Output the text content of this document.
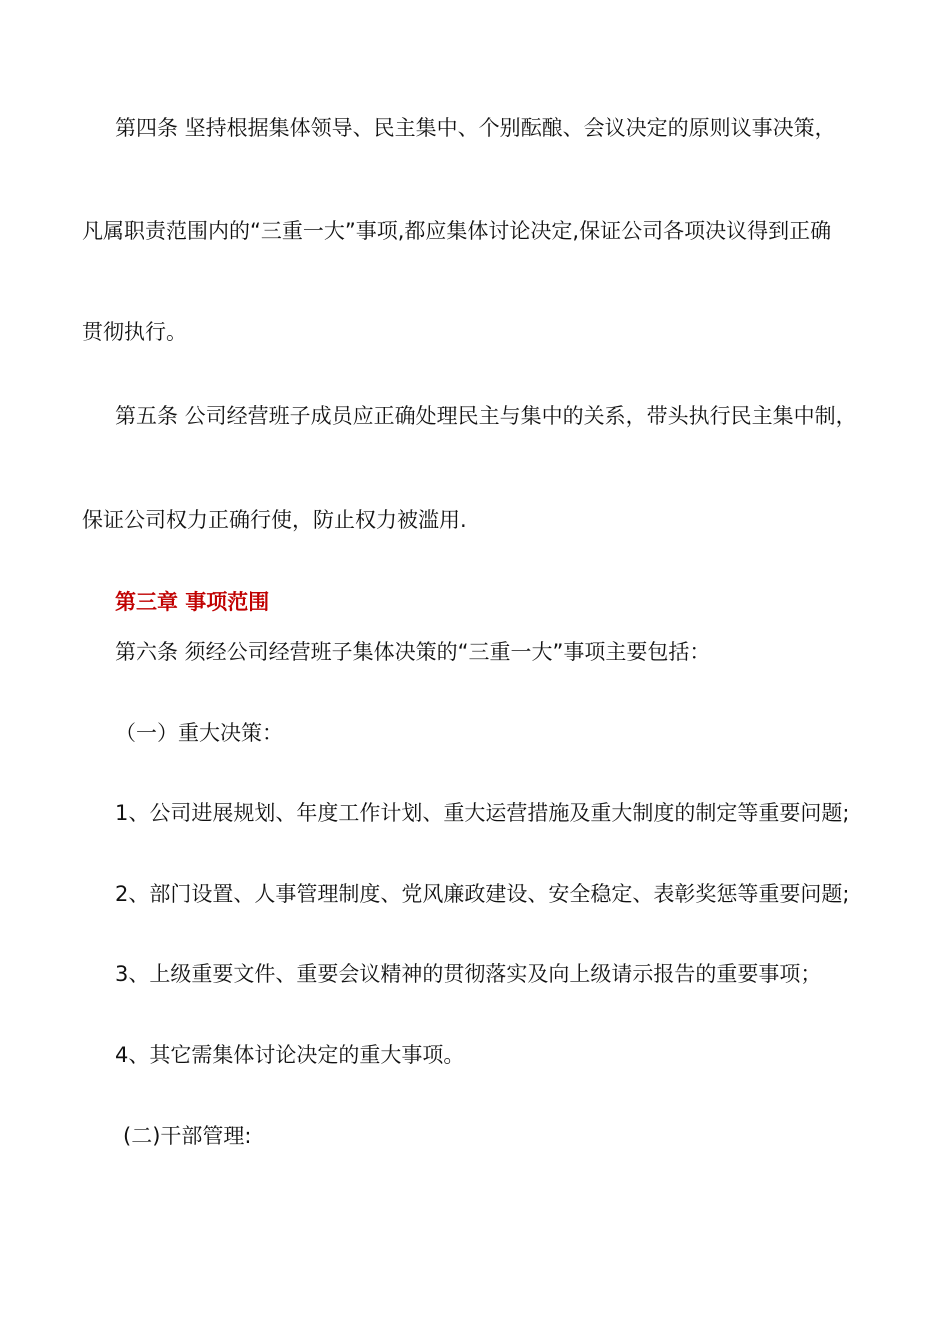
第四条 坚持根据集体领导、民主集中、个别酝酿、会议决定的原则议事决策，

凡属职责范围内的“三重一大”事项,都应集体讨论决定,保证公司各项决议得到正确

贯彻执行。

第五条 公司经营班子成员应正确处理民主与集中的关系，带头执行民主集中制，

保证公司权力正确行使，防止权力被滥用.

第三章 事项范围

第六条 须经公司经营班子集体决策的“三重一大”事项主要包括：

（一）重大决策：

1、公司进展规划、年度工作计划、重大运营措施及重大制度的制定等重要问题;

2、部门设置、人事管理制度、党风廉政建设、安全稳定、表彰奖惩等重要问题;

3、上级重要文件、重要会议精神的贯彻落实及向上级请示报告的重要事项；

4、其它需集体讨论决定的重大事项。

(二)干部管理:
